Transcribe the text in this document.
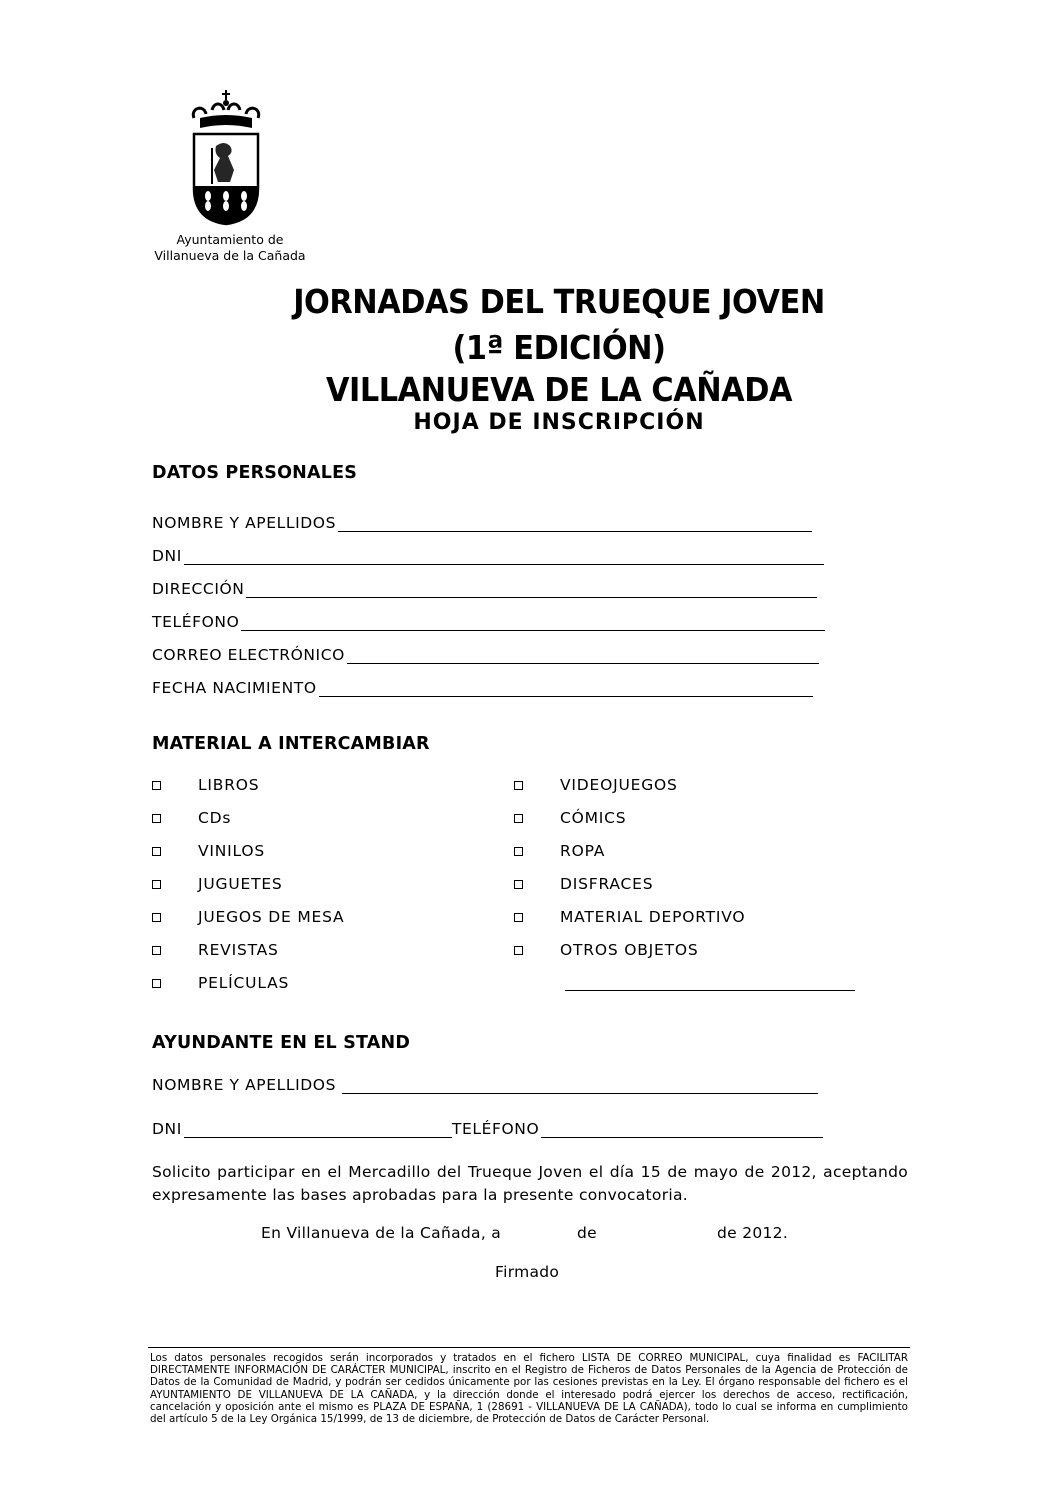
Ayuntamiento de
Villanueva de la Cañada
JORNADAS DEL TRUEQUE JOVEN
(1ª EDICIÓN)
VILLANUEVA DE LA CAÑADA
HOJA DE INSCRIPCIÓN
DATOS PERSONALES
NOMBRE Y APELLIDOS
DNI
DIRECCIÓN
TELÉFONO
CORREO ELECTRÓNICO
FECHA NACIMIENTO
MATERIAL A INTERCAMBIAR
LIBROS
CDs
VINILOS
JUGUETES
JUEGOS DE MESA
REVISTAS
PELÍCULAS
VIDEOJUEGOS
CÓMICS
ROPA
DISFRACES
MATERIAL DEPORTIVO
OTROS OBJETOS
AYUNDANTE EN EL STAND
NOMBRE Y APELLIDOS
DNI	TELÉFONO
Solicito participar en el Mercadillo del Trueque Joven el día 15 de mayo de 2012, aceptando expresamente las bases aprobadas para la presente convocatoria.
En Villanueva de la Cañada, a	de	de 2012.
Firmado
Los datos personales recogidos serán incorporados y tratados en el fichero LISTA DE CORREO MUNICIPAL, cuya finalidad es FACILITAR DIRECTAMENTE INFORMACIÓN DE CARÁCTER MUNICIPAL, inscrito en el Registro de Ficheros de Datos Personales de la Agencia de Protección de Datos de la Comunidad de Madrid, y podrán ser cedidos únicamente por las cesiones previstas en la Ley. El órgano responsable del fichero es el AYUNTAMIENTO DE VILLANUEVA DE LA CAÑADA, y la dirección donde el interesado podrá ejercer los derechos de acceso, rectificación, cancelación y oposición ante el mismo es PLAZA DE ESPAÑA, 1 (28691 - VILLANUEVA DE LA CAÑADA), todo lo cual se informa en cumplimiento del artículo 5 de la Ley Orgánica 15/1999, de 13 de diciembre, de Protección de Datos de Carácter Personal.
